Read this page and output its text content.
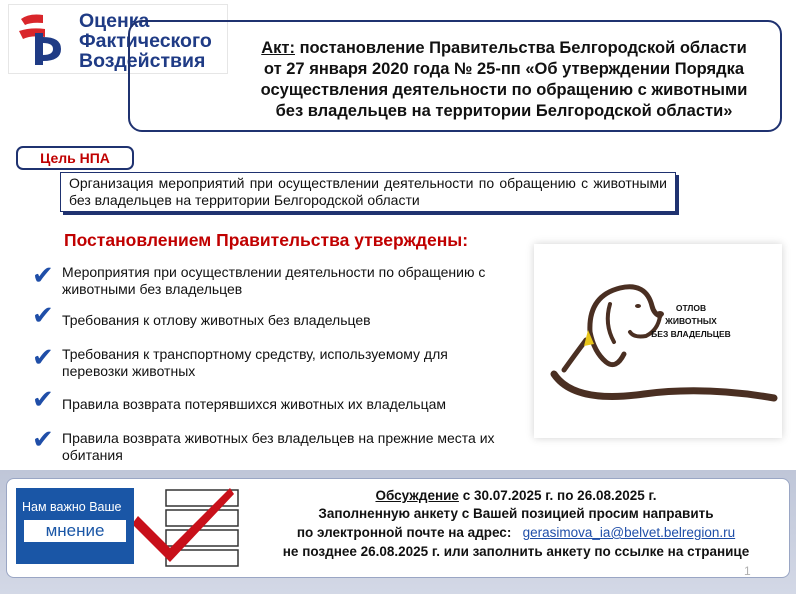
Оценка
Фактического
Воздействия
Акт: постановление Правительства Белгородской области
от 27 января 2020 года № 25-пп «Об утверждении Порядка
осуществления деятельности по обращению с животными
без владельцев на территории Белгородской области»
Организация мероприятий при осуществлении деятельности по обращению с животными без владельцев на территории Белгородской области
Цель НПА
Постановлением Правительства утверждены:
✔ Мероприятия при осуществлении деятельности по обращению с животными без владельцев
✔ Требования к отлову животных без владельцев
✔ Требования к транспортному средству, используемому для перевозки животных
✔ Правила возврата потерявшихся животных их владельцам
✔ Правила возврата животных без владельцев на прежние места их обитания
ОТЛОВ
ЖИВОТНЫХ
БЕЗ ВЛАДЕЛЬЦЕВ
Нам важно Ваше
мнение
Обсуждение с 30.07.2025 г. по 26.08.2025 г.
Заполненную анкету с Вашей позицией просим направить
по электронной почте на адрес: gerasimova_ia@belvet.belregion.ru
не позднее 26.08.2025 г. или заполнить анкету по ссылке на странице
1
